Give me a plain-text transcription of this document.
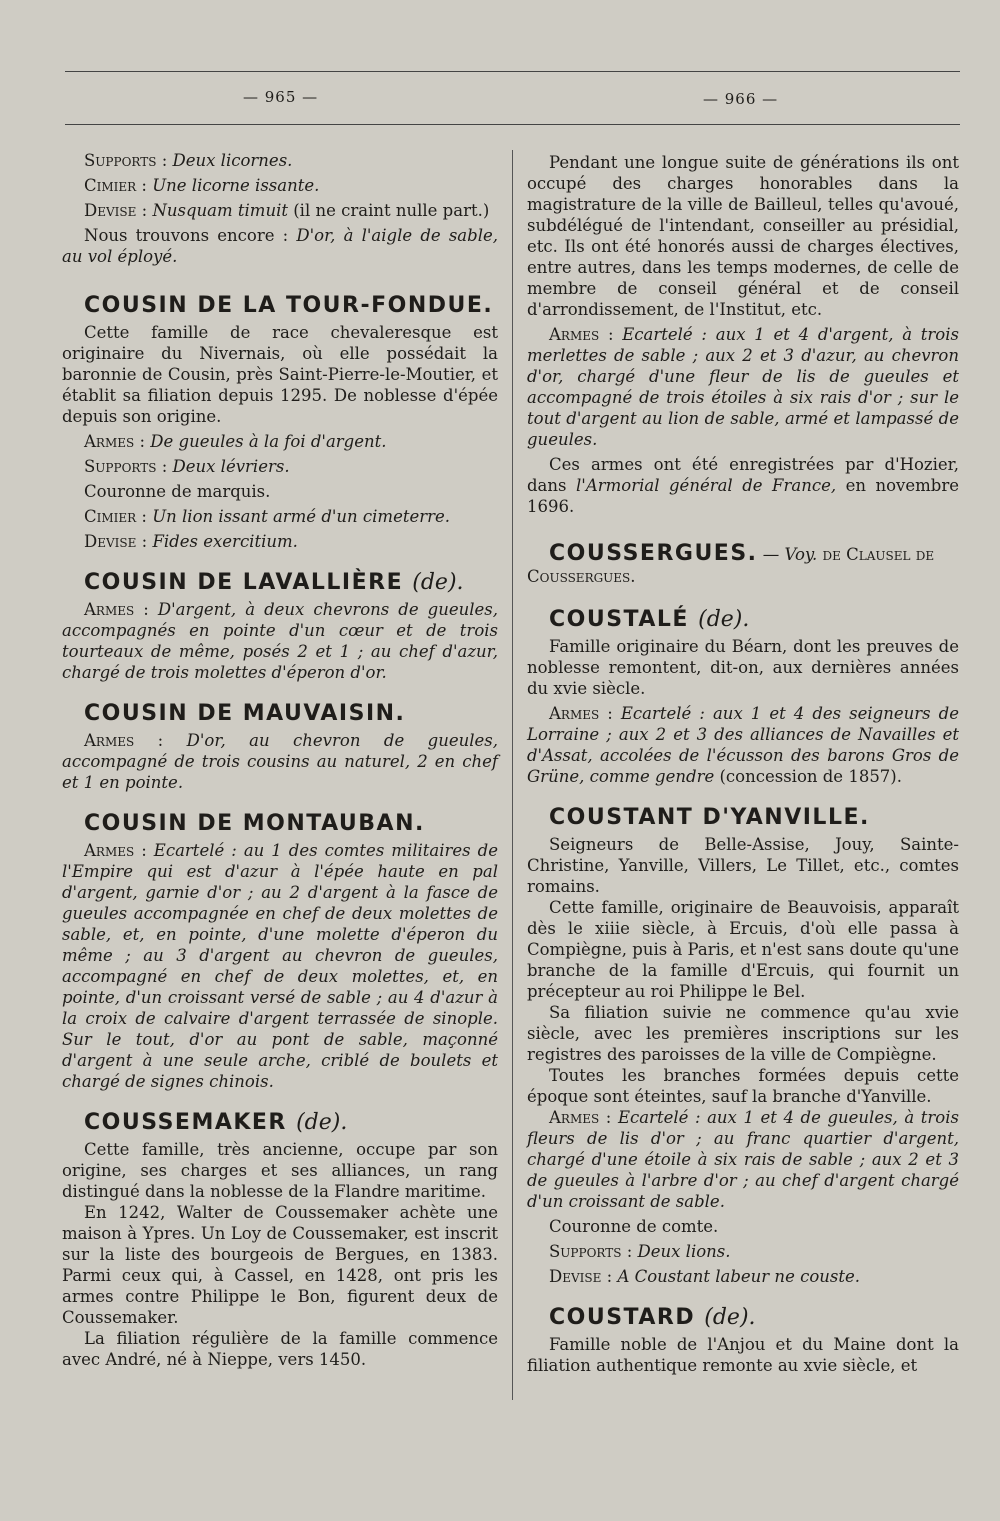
— 965 —	— 966 —

Supports : Deux licornes.

Cimier : Une licorne issante.

Devise : Nusquam timuit (il ne craint nulle part.)

Nous trouvons encore : D'or, à l'aigle de sable, au vol éployé.

COUSIN DE LA TOUR-FONDUE.

Cette famille de race chevaleresque est originaire du Nivernais, où elle possédait la baronnie de Cousin, près Saint-Pierre-le-Moutier, et établit sa filiation depuis 1295. De noblesse d'épée depuis son origine.

Armes : De gueules à la foi d'argent.

Supports : Deux lévriers.

Couronne de marquis.

Cimier : Un lion issant armé d'un cimeterre.

Devise : Fides exercitium.

COUSIN DE LAVALLIÈRE (de).

Armes : D'argent, à deux chevrons de gueules, accompagnés en pointe d'un cœur et de trois tourteaux de même, posés 2 et 1 ; au chef d'azur, chargé de trois molettes d'éperon d'or.

COUSIN DE MAUVAISIN.

Armes : D'or, au chevron de gueules, accompagné de trois cousins au naturel, 2 en chef et 1 en pointe.

COUSIN DE MONTAUBAN.

Armes : Ecartelé : au 1 des comtes militaires de l'Empire qui est d'azur à l'épée haute en pal d'argent, garnie d'or ; au 2 d'argent à la fasce de gueules accompagnée en chef de deux molettes de sable, et, en pointe, d'une molette d'éperon du même ; au 3 d'argent au chevron de gueules, accompagné en chef de deux molettes, et, en pointe, d'un croissant versé de sable ; au 4 d'azur à la croix de calvaire d'argent terrassée de sinople. Sur le tout, d'or au pont de sable, maçonné d'argent à une seule arche, criblé de boulets et chargé de signes chinois.

COUSSEMAKER (de).

Cette famille, très ancienne, occupe par son origine, ses charges et ses alliances, un rang distingué dans la noblesse de la Flandre maritime.

En 1242, Walter de Coussemaker achète une maison à Ypres. Un Loy de Coussemaker, est inscrit sur la liste des bourgeois de Bergues, en 1383. Parmi ceux qui, à Cassel, en 1428, ont pris les armes contre Philippe le Bon, figurent deux de Coussemaker.

La filiation régulière de la famille commence avec André, né à Nieppe, vers 1450.

Pendant une longue suite de générations ils ont occupé des charges honorables dans la magistrature de la ville de Bailleul, telles qu'avoué, subdélégué de l'intendant, conseiller au présidial, etc. Ils ont été honorés aussi de charges électives, entre autres, dans les temps modernes, de celle de membre de conseil général et de conseil d'arrondissement, de l'Institut, etc.

Armes : Ecartelé : aux 1 et 4 d'argent, à trois merlettes de sable ; aux 2 et 3 d'azur, au chevron d'or, chargé d'une fleur de lis de gueules et accompagné de trois étoiles à six rais d'or ; sur le tout d'argent au lion de sable, armé et lampassé de gueules.

Ces armes ont été enregistrées par d'Hozier, dans l'Armorial général de France, en novembre 1696.

COUSSERGUES. — Voy. de Clausel de Coussergues.

COUSTALÉ (de).

Famille originaire du Béarn, dont les preuves de noblesse remontent, dit-on, aux dernières années du xvie siècle.

Armes : Ecartelé : aux 1 et 4 des seigneurs de Lorraine ; aux 2 et 3 des alliances de Navailles et d'Assat, accolées de l'écusson des barons Gros de Grüne, comme gendre (concession de 1857).

COUSTANT D'YANVILLE.

Seigneurs de Belle-Assise, Jouy, Sainte-Christine, Yanville, Villers, Le Tillet, etc., comtes romains.

Cette famille, originaire de Beauvoisis, apparaît dès le xiiie siècle, à Ercuis, d'où elle passa à Compiègne, puis à Paris, et n'est sans doute qu'une branche de la famille d'Ercuis, qui fournit un précepteur au roi Philippe le Bel.

Sa filiation suivie ne commence qu'au xvie siècle, avec les premières inscriptions sur les registres des paroisses de la ville de Compiègne.

Toutes les branches formées depuis cette époque sont éteintes, sauf la branche d'Yanville.

Armes : Ecartelé : aux 1 et 4 de gueules, à trois fleurs de lis d'or ; au franc quartier d'argent, chargé d'une étoile à six rais de sable ; aux 2 et 3 de gueules à l'arbre d'or ; au chef d'argent chargé d'un croissant de sable.

Couronne de comte.

Supports : Deux lions.

Devise : A Coustant labeur ne couste.

COUSTARD (de).

Famille noble de l'Anjou et du Maine dont la filiation authentique remonte au xvie siècle, et
